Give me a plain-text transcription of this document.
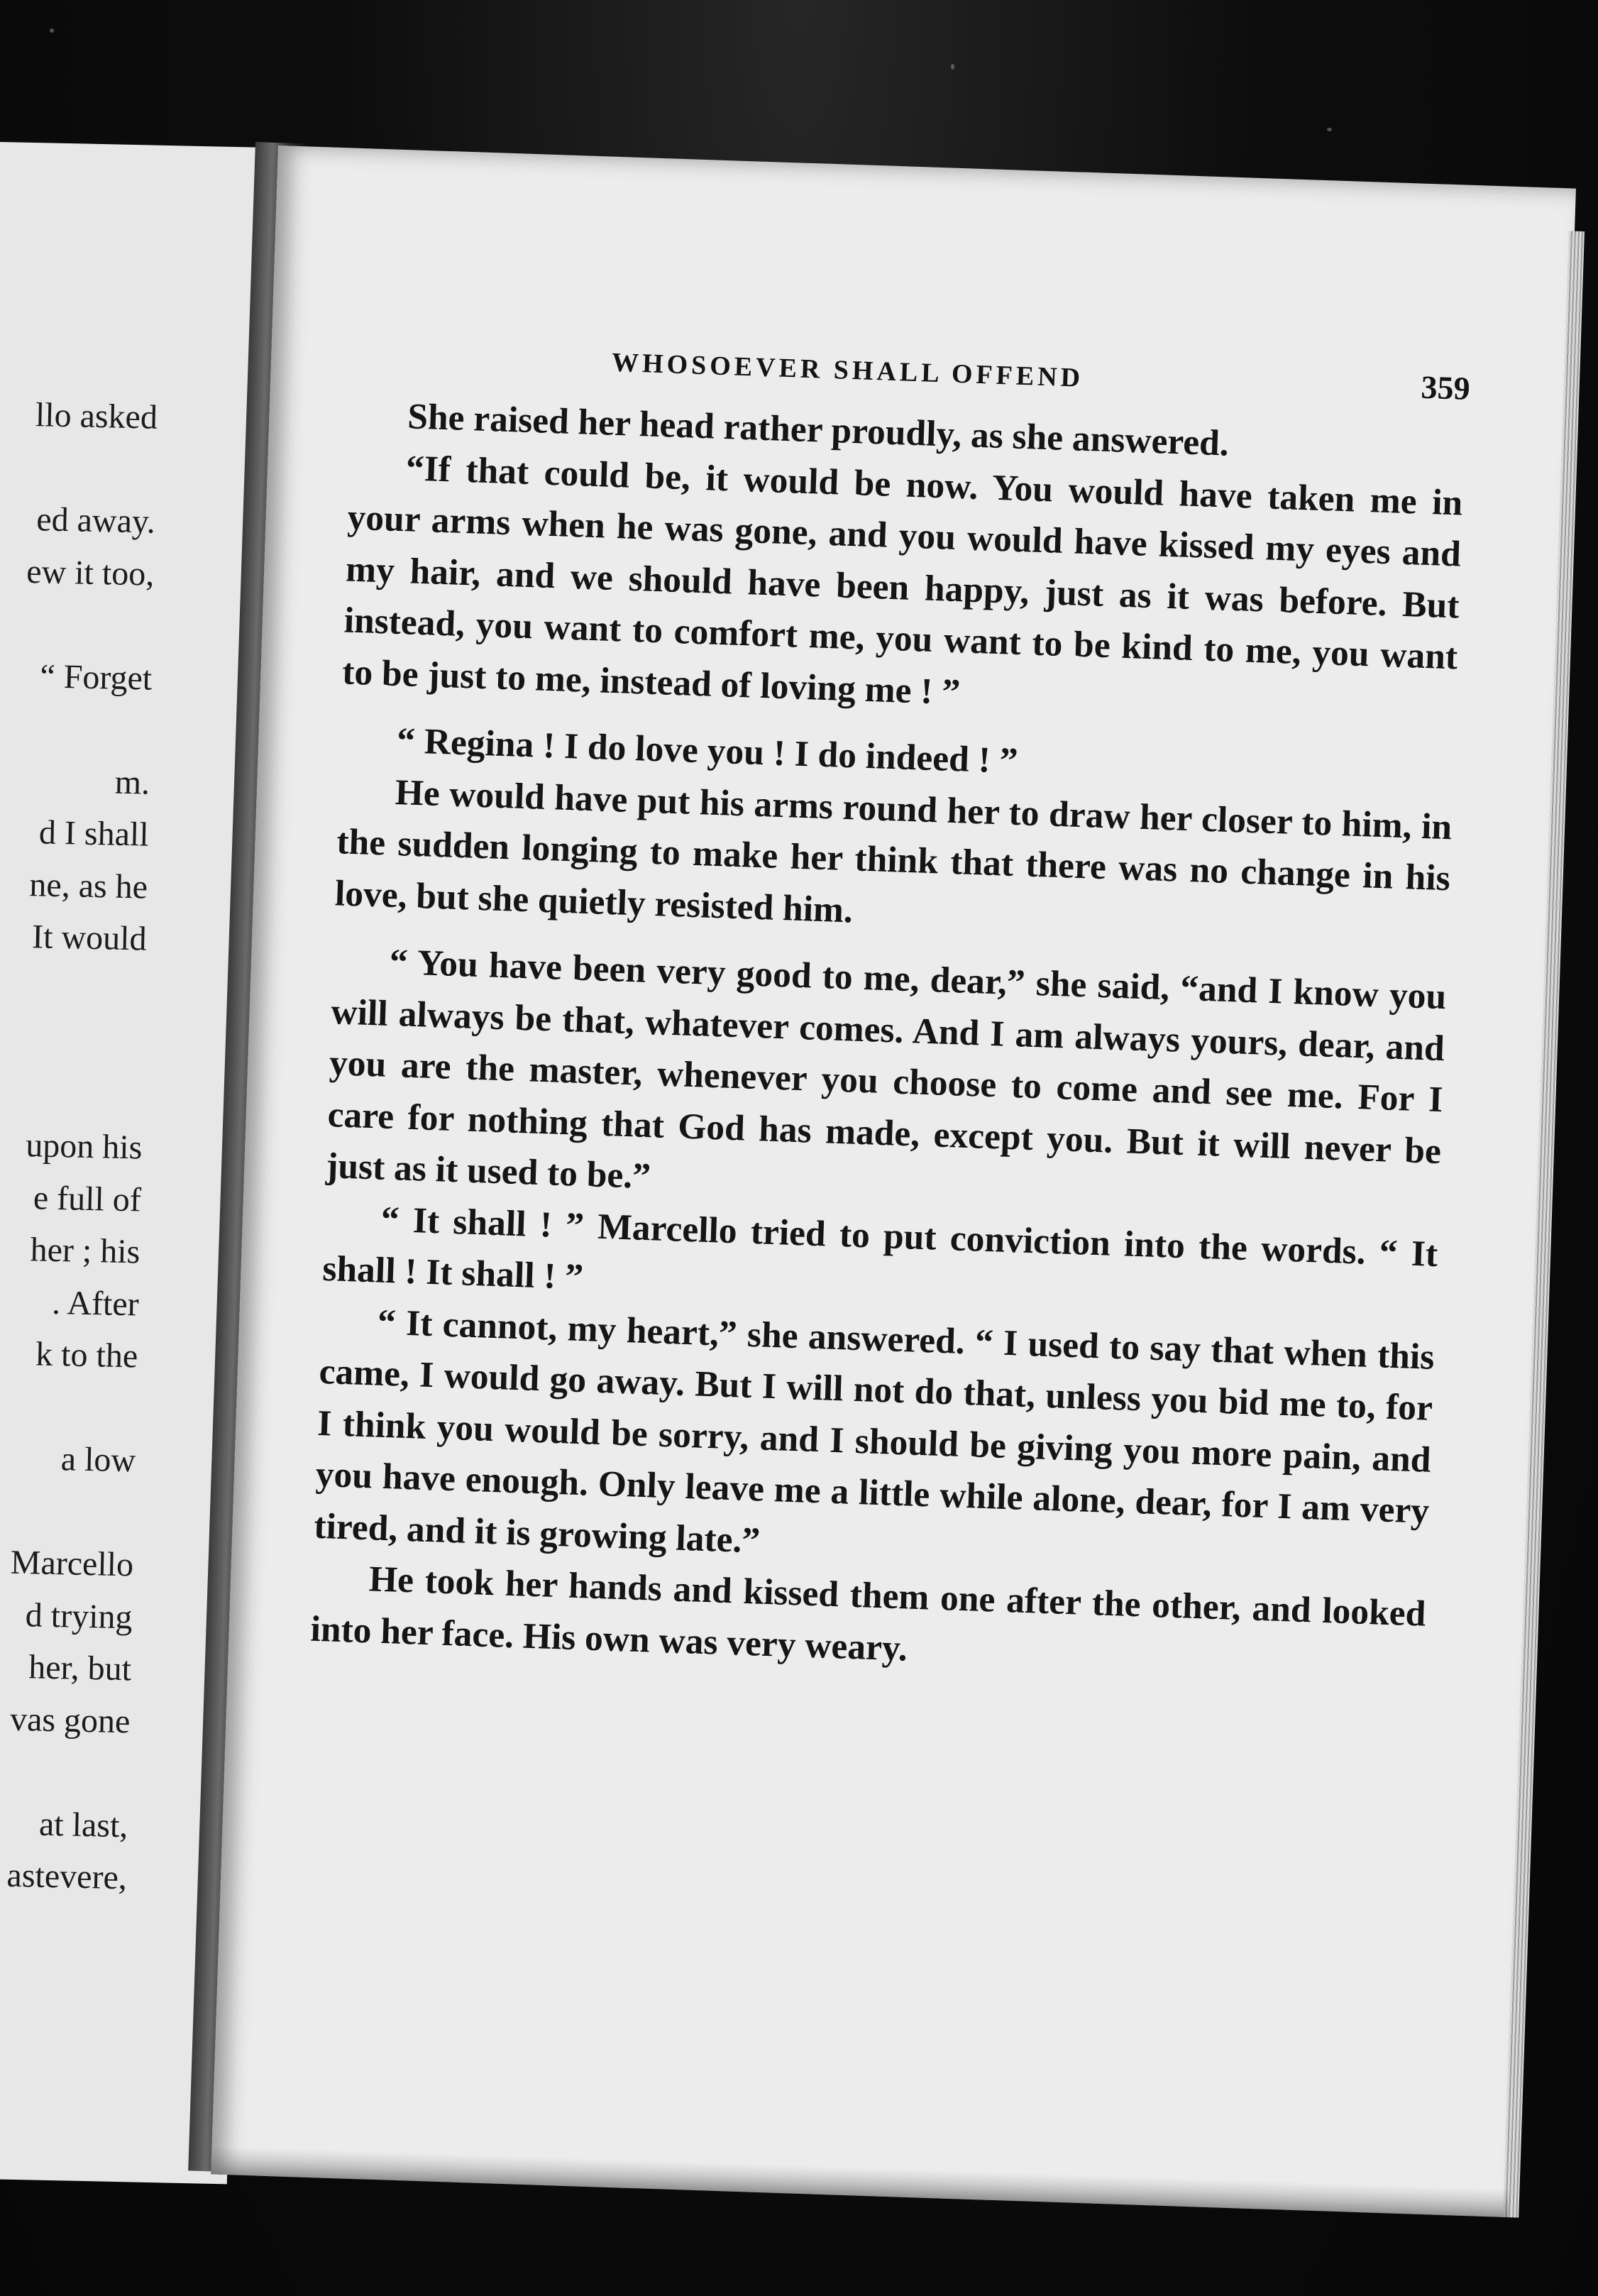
llo asked
ed away.
ew it too,
“ Forget
m.
d I shall
ne, as he
It would
upon his
e full of
her ; his
. After
k to the
a low
Marcello
d trying
her, but
vas gone
at last,
astevere,
WHOSOEVER SHALL OFFEND	359

She raised her head rather proudly, as she answered.

“If that could be, it would be now. You would have taken me in your arms when he was gone, and you would have kissed my eyes and my hair, and we should have been happy, just as it was before. But instead, you want to comfort me, you want to be kind to me, you want to be just to me, instead of loving me ! ”

“ Regina ! I do love you ! I do indeed ! ”

He would have put his arms round her to draw her closer to him, in the sudden longing to make her think that there was no change in his love, but she quietly resisted him.

“ You have been very good to me, dear,” she said, “and I know you will always be that, whatever comes. And I am always yours, dear, and you are the master, whenever you choose to come and see me. For I care for nothing that God has made, except you. But it will never be just as it used to be.”

“ It shall ! ” Marcello tried to put conviction into the words. “ It shall ! It shall ! ”

“ It cannot, my heart,” she answered. “ I used to say that when this came, I would go away. But I will not do that, unless you bid me to, for I think you would be sorry, and I should be giving you more pain, and you have enough. Only leave me a little while alone, dear, for I am very tired, and it is growing late.”

He took her hands and kissed them one after the other, and looked into her face. His own was very weary.
